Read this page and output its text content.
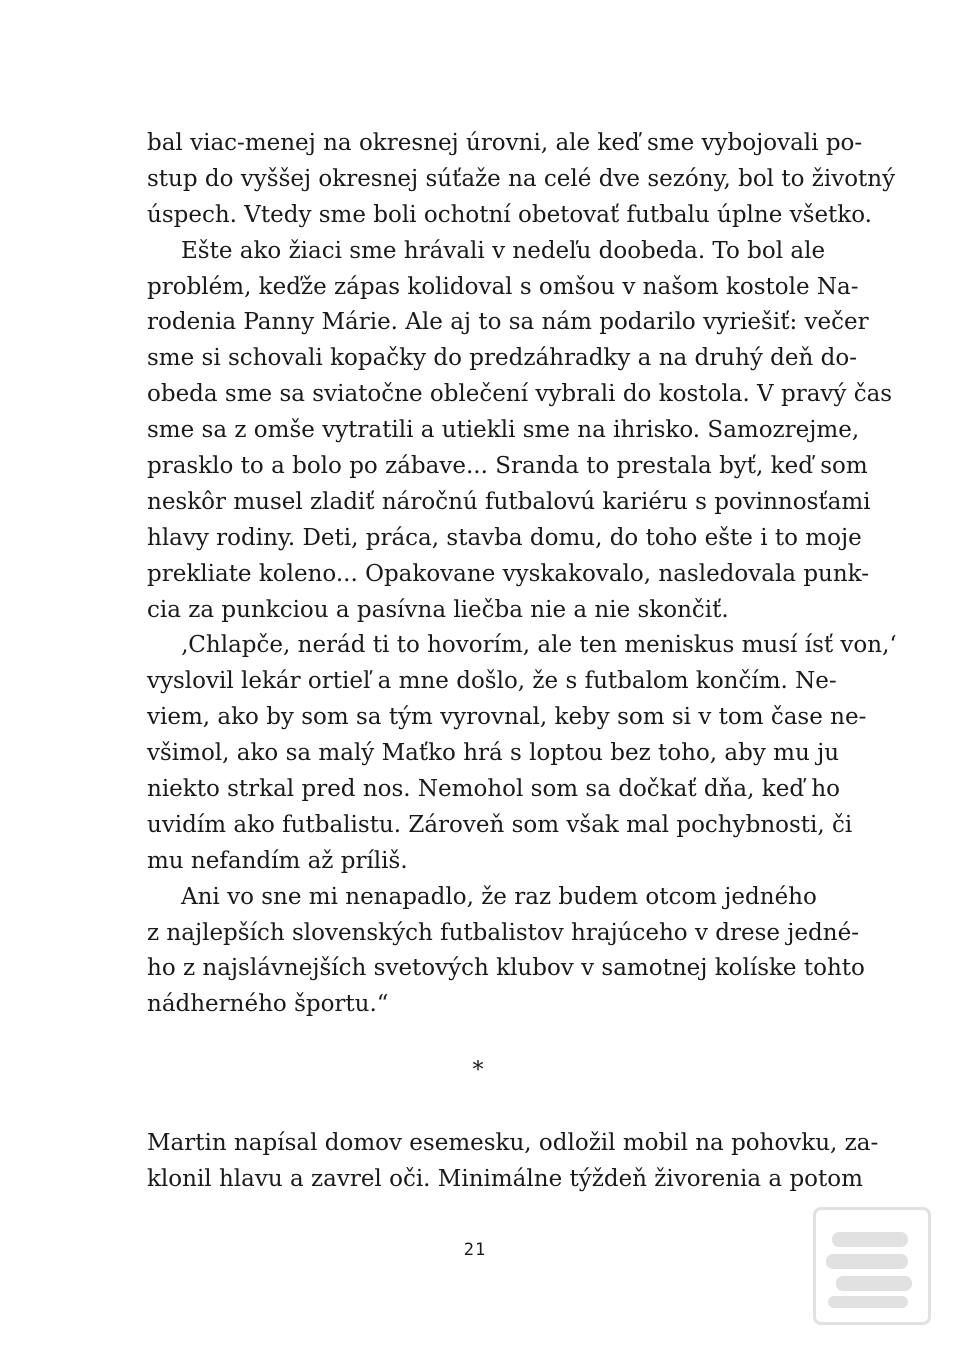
bal viac-menej na okresnej úrovni, ale keď sme vybojovali po-
stup do vyššej okresnej súťaže na celé dve sezóny, bol to životný
úspech. Vtedy sme boli ochotní obetovať futbalu úplne všetko.
Ešte ako žiaci sme hrávali v nedeľu doobeda. To bol ale
problém, keďže zápas kolidoval s omšou v našom kostole Na-
rodenia Panny Márie. Ale aj to sa nám podarilo vyriešiť: večer
sme si schovali kopačky do predzáhradky a na druhý deň do-
obeda sme sa sviatočne oblečení vybrali do kostola. V pravý čas
sme sa z omše vytratili a utiekli sme na ihrisko. Samozrejme,
prasklo to a bolo po zábave... Sranda to prestala byť, keď som
neskôr musel zladiť náročnú futbalovú kariéru s povinnosťami
hlavy rodiny. Deti, práca, stavba domu, do toho ešte i to moje
prekliate koleno... Opakovane vyskakovalo, nasledovala punk-
cia za punkciou a pasívna liečba nie a nie skončiť.
‚Chlapče, nerád ti to hovorím, ale ten meniskus musí ísť von,‘
vyslovil lekár ortieľ a mne došlo, že s futbalom končím. Ne-
viem, ako by som sa tým vyrovnal, keby som si v tom čase ne-
všimol, ako sa malý Maťko hrá s loptou bez toho, aby mu ju
niekto strkal pred nos. Nemohol som sa dočkať dňa, keď ho
uvidím ako futbalistu. Zároveň som však mal pochybnosti, či
mu nefandím až príliš.
Ani vo sne mi nenapadlo, že raz budem otcom jedného
z najlepších slovenských futbalistov hrajúceho v drese jedné-
ho z najslávnejších svetových klubov v samotnej kolíske tohto
nádherného športu.“
*
Martin napísal domov esemesku, odložil mobil na pohovku, za-
klonil hlavu a zavrel oči. Minimálne týždeň živorenia a potom
21
